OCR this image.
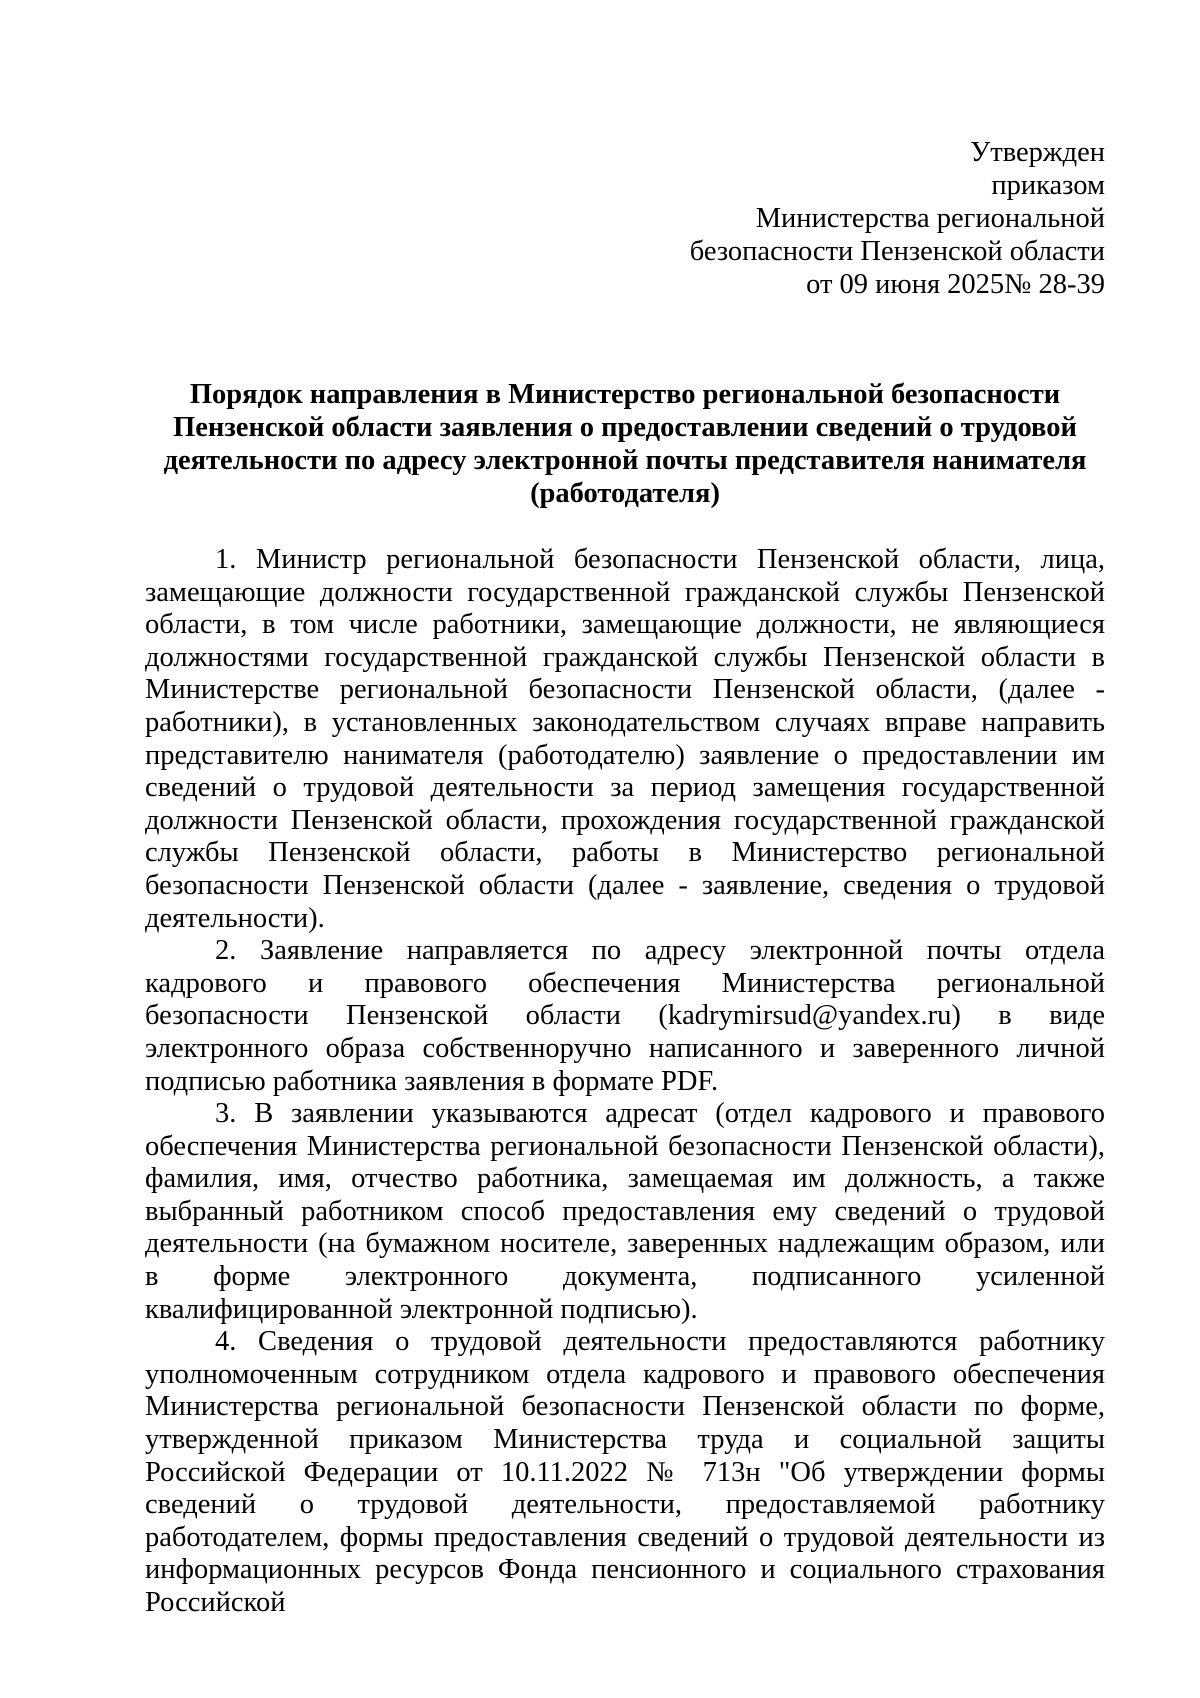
Утвержден
приказом
Министерства региональной
безопасности Пензенской области
от 09 июня 2025№ 28-39
Порядок направления в Министерство региональной безопасности
Пензенской области заявления о предоставлении сведений о трудовой
деятельности по адресу электронной почты представителя нанимателя
(работодателя)

1. Министр региональной безопасности Пензенской области, лица, замещающие должности государственной гражданской службы Пензенской области, в том числе работники, замещающие должности, не являющиеся должностями государственной гражданской службы Пензенской области в Министерстве региональной безопасности Пензенской области, (далее - работники), в установленных законодательством случаях вправе направить представителю нанимателя (работодателю) заявление о предоставлении им сведений о трудовой деятельности за период замещения государственной должности Пензенской области, прохождения государственной гражданской службы Пензенской области, работы в Министерство региональной безопасности Пензенской области (далее - заявление, сведения о трудовой деятельности).

2. Заявление направляется по адресу электронной почты отдела кадрового и правового обеспечения Министерства региональной безопасности Пензенской области (kadrymirsud@yandex.ru) в виде электронного образа собственноручно написанного и заверенного личной подписью работника заявления в формате PDF.

3. В заявлении указываются адресат (отдел кадрового и правового обеспечения Министерства региональной безопасности Пензенской области), фамилия, имя, отчество работника, замещаемая им должность, а также выбранный работником способ предоставления ему сведений о трудовой деятельности (на бумажном носителе, заверенных надлежащим образом, или в форме электронного документа, подписанного усиленной квалифицированной электронной подписью).

4. Сведения о трудовой деятельности предоставляются работнику уполномоченным сотрудником отдела кадрового и правового обеспечения Министерства региональной безопасности Пензенской области по форме, утвержденной приказом Министерства труда и социальной защиты Российской Федерации от 10.11.2022 № 713н "Об утверждении формы сведений о трудовой деятельности, предоставляемой работнику работодателем, формы предоставления сведений о трудовой деятельности из информационных ресурсов Фонда пенсионного и социального страхования Российской
